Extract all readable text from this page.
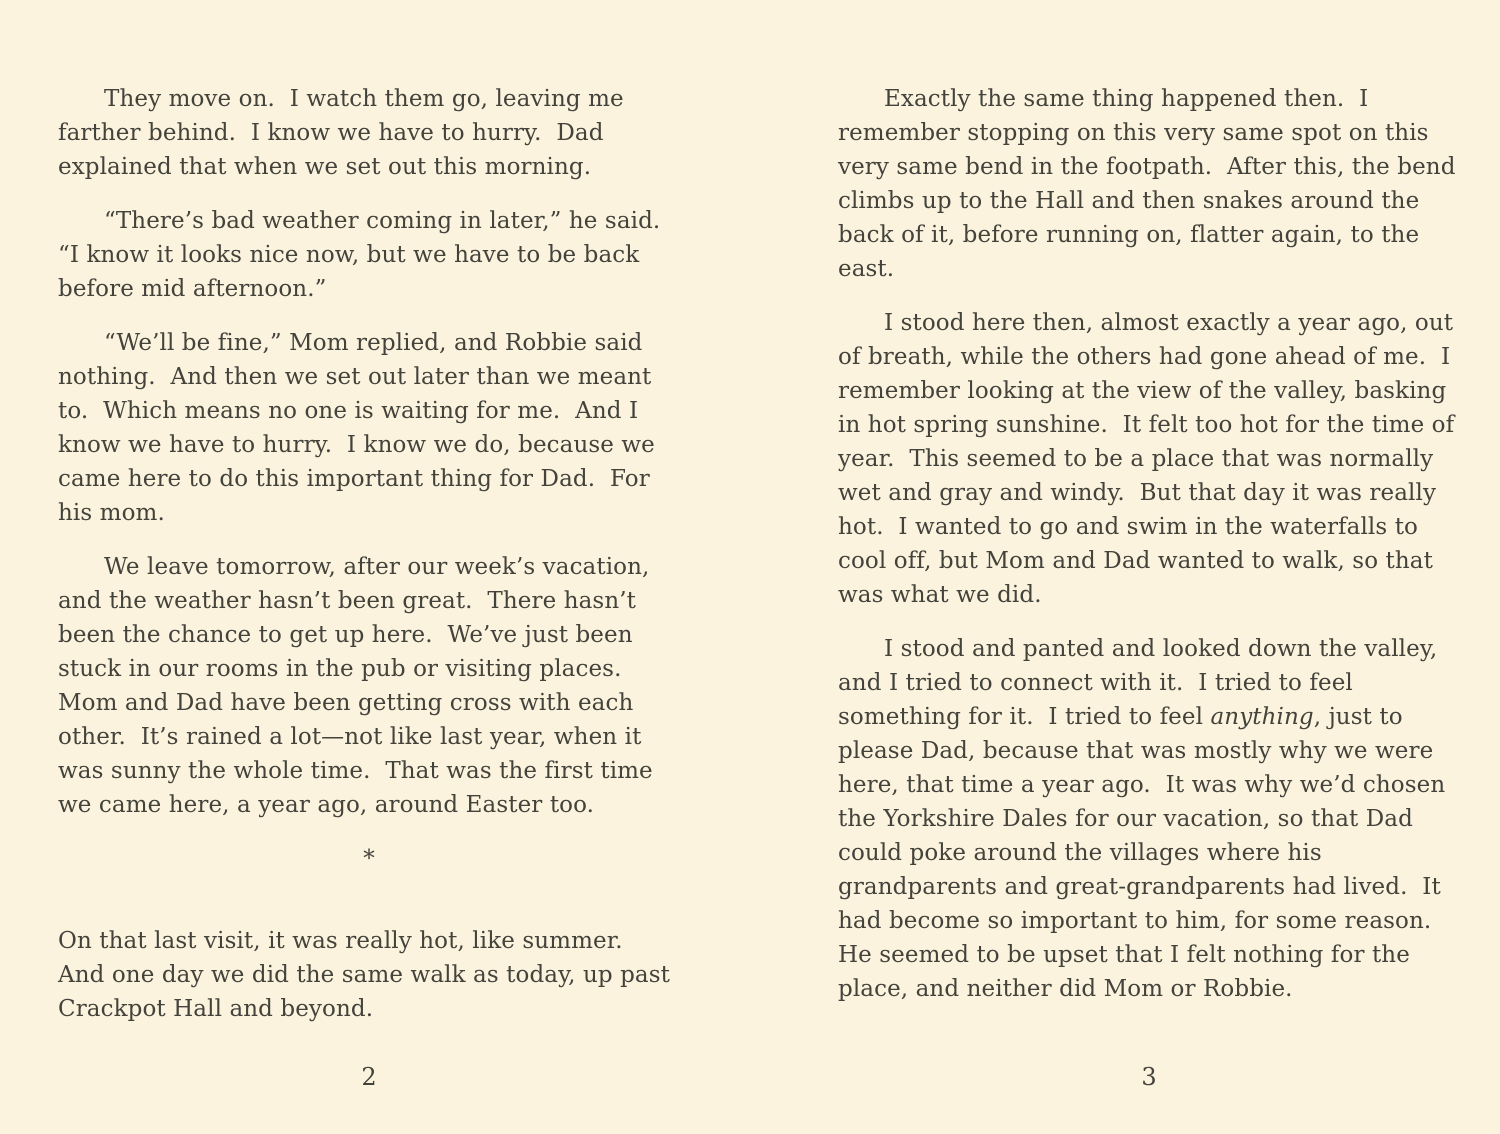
They move on.  I watch them go, leaving me farther behind.  I know we have to hurry.  Dad explained that when we set out this morning.

“There’s bad weather coming in later,” he said.  “I know it looks nice now, but we have to be back before mid afternoon.”

“We’ll be fine,” Mom replied, and Robbie said nothing.  And then we set out later than we meant to.  Which means no one is waiting for me.  And I know we have to hurry.  I know we do, because we came here to do this important thing for Dad.  For his mom.

We leave tomorrow, after our week’s vacation, and the weather hasn’t been great.  There hasn’t been the chance to get up here.  We’ve just been stuck in our rooms in the pub or visiting places.  Mom and Dad have been getting cross with each other.  It’s rained a lot—not like last year, when it was sunny the whole time.  That was the first time we came here, a year ago, around Easter too.

*

On that last visit, it was really hot, like summer.  And one day we did the same walk as today, up past Crackpot Hall and beyond.

Exactly the same thing happened then.  I remember stopping on this very same spot on this very same bend in the footpath.  After this, the bend climbs up to the Hall and then snakes around the back of it, before running on, flatter again, to the east.

I stood here then, almost exactly a year ago, out of breath, while the others had gone ahead of me.  I remember looking at the view of the valley, basking in hot spring sunshine.  It felt too hot for the time of year.  This seemed to be a place that was normally wet and gray and windy.  But that day it was really hot.  I wanted to go and swim in the waterfalls to cool off, but Mom and Dad wanted to walk, so that was what we did.

I stood and panted and looked down the valley, and I tried to connect with it.  I tried to feel something for it.  I tried to feel anything, just to please Dad, because that was mostly why we were here, that time a year ago.  It was why we’d chosen the Yorkshire Dales for our vacation, so that Dad could poke around the villages where his grandparents and great-grandparents had lived.  It had become so important to him, for some reason.  He seemed to be upset that I felt nothing for the place, and neither did Mom or Robbie.

2	3
